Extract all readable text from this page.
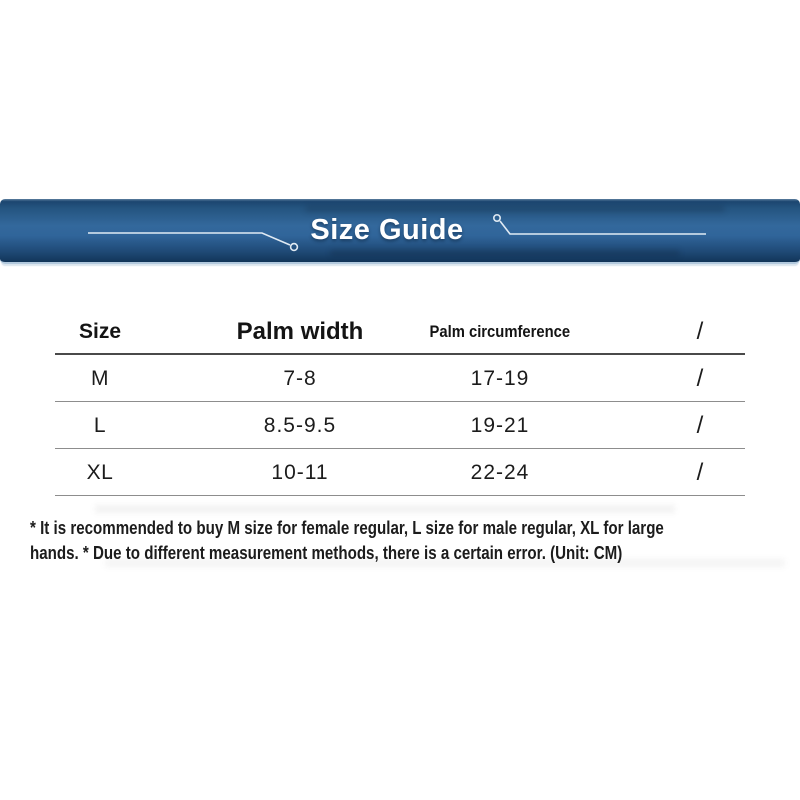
Size Guide
Size	Palm width	Palm circumference	/
M	7-8	17-19	/
L	8.5-9.5	19-21	/
XL	10-11	22-24	/
* It is recommended to buy M size for female regular, L size for male regular, XL for large
hands. * Due to different measurement methods, there is a certain error. (Unit: CM)
